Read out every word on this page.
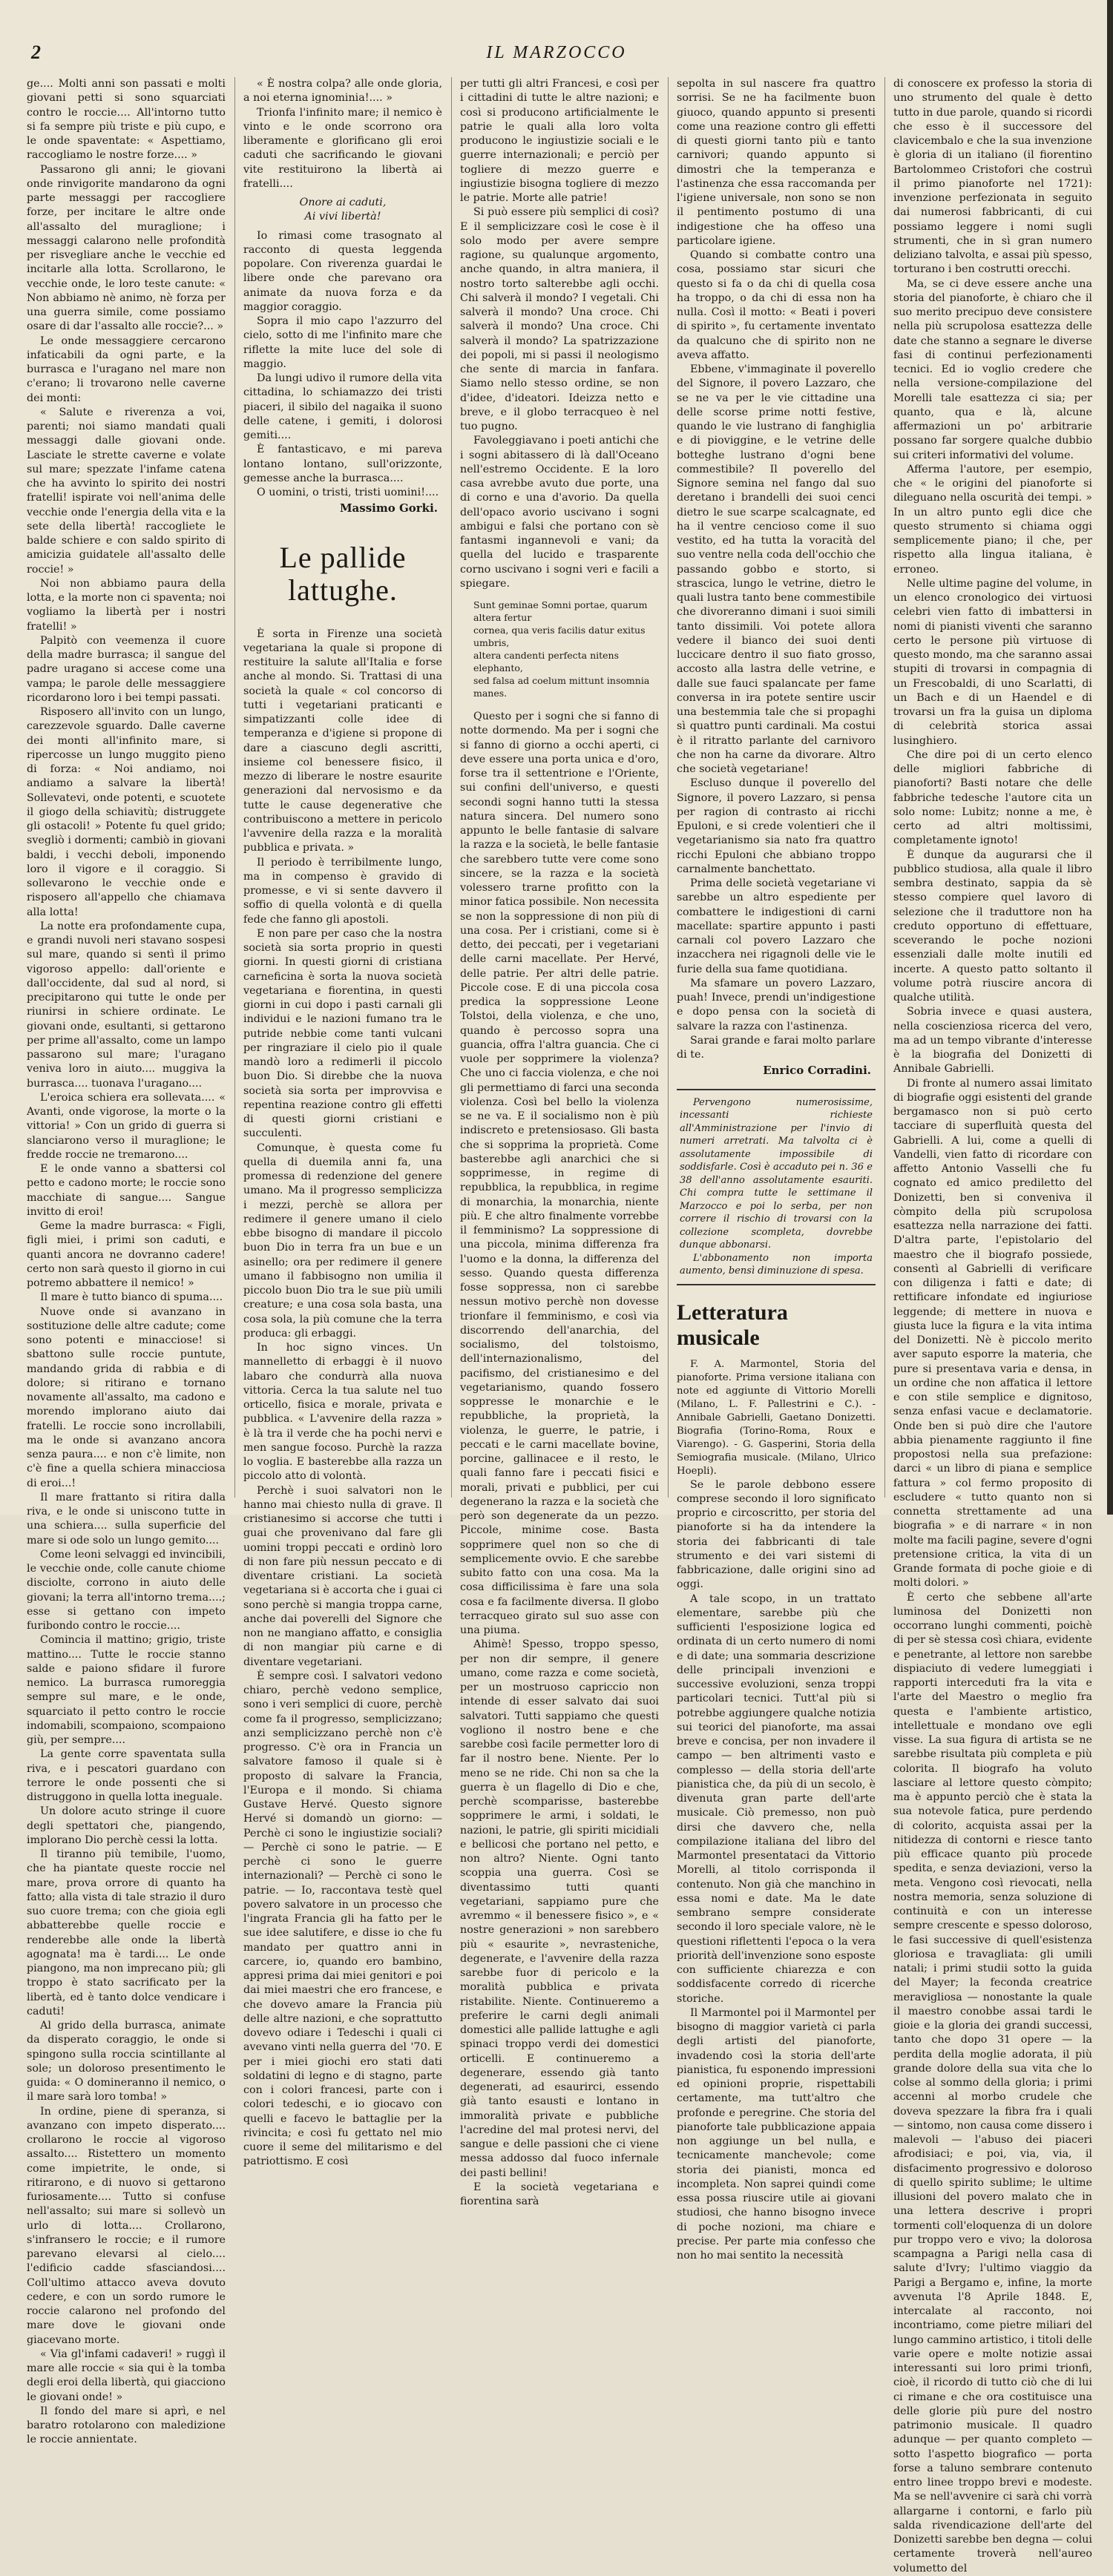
2	IL MARZOCCO

ge.... Molti anni son passati e molti giovani petti si sono squarciati contro le roccie.... All'intorno tutto si fa sempre più triste e più cupo, e le onde spaventate: « Aspettiamo, raccogliamo le nostre forze.... »

Passarono gli anni; le giovani onde rinvigorite mandarono da ogni parte messaggi per raccogliere forze, per incitare le altre onde all'assalto del muraglione; i messaggi calarono nelle profondità per risvegliare anche le vecchie ed incitarle alla lotta. Scrollarono, le vecchie onde, le loro teste canute: « Non abbiamo nè animo, nè forza per una guerra simile, come possiamo osare di dar l'assalto alle roccie?... »

Le onde messaggiere cercarono infaticabili da ogni parte, e la burrasca e l'uragano nel mare non c'erano; li trovarono nelle caverne dei monti:

« Salute e riverenza a voi, parenti; noi siamo mandati quali messaggi dalle giovani onde. Lasciate le strette caverne e volate sul mare; spezzate l'infame catena che ha avvinto lo spirito dei nostri fratelli! ispirate voi nell'anima delle vecchie onde l'energia della vita e la sete della libertà! raccogliete le balde schiere e con saldo spirito di amicizia guidatele all'assalto delle roccie! »

Noi non abbiamo paura della lotta, e la morte non ci spaventa; noi vogliamo la libertà per i nostri fratelli! »

Palpitò con veemenza il cuore della madre burrasca; il sangue del padre uragano si accese come una vampa; le parole delle messaggiere ricordarono loro i bei tempi passati.

Risposero all'invito con un lungo, carezzevole sguardo. Dalle caverne dei monti all'infinito mare, si ripercosse un lungo muggito pieno di forza: « Noi andiamo, noi andiamo a salvare la libertà! Sollevatevi, onde potenti, e scuotete il giogo della schiavitù; distruggete gli ostacoli! » Potente fu quel grido; svegliò i dormenti; cambiò in giovani baldi, i vecchi deboli, imponendo loro il vigore e il coraggio. Si sollevarono le vecchie onde e risposero all'appello che chiamava alla lotta!

La notte era profondamente cupa, e grandi nuvoli neri stavano sospesi sul mare, quando si sentì il primo vigoroso appello: dall'oriente e dall'occidente, dal sud al nord, si precipitarono qui tutte le onde per riunirsi in schiere ordinate. Le giovani onde, esultanti, si gettarono per prime all'assalto, come un lampo passarono sul mare; l'uragano veniva loro in aiuto.... muggiva la burrasca.... tuonava l'uragano....

L'eroica schiera era sollevata.... « Avanti, onde vigorose, la morte o la vittoria! » Con un grido di guerra si slanciarono verso il muraglione; le fredde roccie ne tremarono....

E le onde vanno a sbattersi col petto e cadono morte; le roccie sono macchiate di sangue.... Sangue invitto di eroi!

Geme la madre burrasca: « Figli, figli miei, i primi son caduti, e quanti ancora ne dovranno cadere! certo non sarà questo il giorno in cui potremo abbattere il nemico! »

Il mare è tutto bianco di spuma....

Nuove onde si avanzano in sostituzione delle altre cadute; come sono potenti e minacciose! si sbattono sulle roccie puntute, mandando grida di rabbia e di dolore; si ritirano e tornano novamente all'assalto, ma cadono e morendo implorano aiuto dai fratelli. Le roccie sono incrollabili, ma le onde si avanzano ancora senza paura.... e non c'è limite, non c'è fine a quella schiera minacciosa di eroi...!

Il mare frattanto si ritira dalla riva, e le onde si uniscono tutte in una schiera.... sulla superficie del mare si ode solo un lungo gemito....

Come leoni selvaggi ed invincibili, le vecchie onde, colle canute chiome disciolte, corrono in aiuto delle giovani; la terra all'intorno trema....; esse si gettano con impeto furibondo contro le roccie....

Comincia il mattino; grigio, triste mattino.... Tutte le roccie stanno salde e paiono sfidare il furore nemico. La burrasca rumoreggia sempre sul mare, e le onde, squarciato il petto contro le roccie indomabili, scompaiono, scompaiono giù, per sempre....

La gente corre spaventata sulla riva, e i pescatori guardano con terrore le onde possenti che si distruggono in quella lotta ineguale.

Un dolore acuto stringe il cuore degli spettatori che, piangendo, implorano Dio perchè cessi la lotta.

Il tiranno più temibile, l'uomo, che ha piantate queste roccie nel mare, prova orrore di quanto ha fatto; alla vista di tale strazio il duro suo cuore trema; con che gioia egli abbatterebbe quelle roccie e renderebbe alle onde la libertà agognata! ma è tardi.... Le onde piangono, ma non imprecano più; gli troppo è stato sacrificato per la libertà, ed è tanto dolce vendicare i caduti!

Al grido della burrasca, animate da disperato coraggio, le onde si spingono sulla roccia scintillante al sole; un doloroso presentimento le guida: « O domineranno il nemico, o il mare sarà loro tomba! »

In ordine, piene di speranza, si avanzano con impeto disperato.... crollarono le roccie al vigoroso assalto.... Ristettero un momento come impietrite, le onde, si ritirarono, e di nuovo si gettarono furiosamente.... Tutto si confuse nell'assalto; sui mare si sollevò un urlo di lotta.... Crollarono, s'infransero le roccie; e il rumore parevano elevarsi al cielo.... l'edificio cadde sfasciandosi.... Coll'ultimo attacco aveva dovuto cedere, e con un sordo rumore le roccie calarono nel profondo del mare dove le giovani onde giacevano morte.

« Via gl'infami cadaveri! » ruggì il mare alle roccie « sia qui è la tomba degli eroi della libertà, qui giacciono le giovani onde! »

Il fondo del mare si aprì, e nel baratro rotolarono con maledizione le roccie annientate.

« È nostra colpa? alle onde gloria, a noi eterna ignominia!.... »

Trionfa l'infinito mare; il nemico è vinto e le onde scorrono ora liberamente e glorificano gli eroi caduti che sacrificando le giovani vite restituirono la libertà ai fratelli....

Onore ai caduti,
Ai vivi libertà!

Io rimasi come trasognato al racconto di questa leggenda popolare. Con riverenza guardai le libere onde che parevano ora animate da nuova forza e da maggior coraggio.

Sopra il mio capo l'azzurro del cielo, sotto di me l'infinito mare che riflette la mite luce del sole di maggio.

Da lungi udivo il rumore della vita cittadina, lo schiamazzo dei tristi piaceri, il sibilo del nagaika il suono delle catene, i gemiti, i dolorosi gemiti....

È fantasticavo, e mi pareva lontano lontano, sull'orizzonte, gemesse anche la burrasca....

O uomini, o tristi, tristi uomini!....

Massimo Gorki.
Le pallide
lattughe.

È sorta in Firenze una società vegetariana la quale si propone di restituire la salute all'Italia e forse anche al mondo. Si. Trattasi di una società la quale « col concorso di tutti i vegetariani praticanti e simpatizzanti colle idee di temperanza e d'igiene si propone di dare a ciascuno degli ascritti, insieme col benessere fisico, il mezzo di liberare le nostre esaurite generazioni dal nervosismo e da tutte le cause degenerative che contribuiscono a mettere in pericolo l'avvenire della razza e la moralità pubblica e privata. »

Il periodo è terribilmente lungo, ma in compenso è gravido di promesse, e vi si sente davvero il soffio di quella volontà e di quella fede che fanno gli apostoli.

E non pare per caso che la nostra società sia sorta proprio in questi giorni. In questi giorni di cristiana carneficina è sorta la nuova società vegetariana e fiorentina, in questi giorni in cui dopo i pasti carnali gli individui e le nazioni fumano tra le putride nebbie come tanti vulcani per ringraziare il cielo pio il quale mandò loro a redimerli il piccolo buon Dio. Si direbbe che la nuova società sia sorta per improvvisa e repentina reazione contro gli effetti di questi giorni cristiani e succulenti.

Comunque, è questa come fu quella di duemila anni fa, una promessa di redenzione del genere umano. Ma il progresso semplicizza i mezzi, perchè se allora per redimere il genere umano il cielo ebbe bisogno di mandare il piccolo buon Dio in terra fra un bue e un asinello; ora per redimere il genere umano il fabbisogno non umilia il piccolo buon Dio tra le sue più umili creature; e una cosa sola basta, una cosa sola, la più comune che la terra produca: gli erbaggi.

In hoc signo vinces. Un mannelletto di erbaggi è il nuovo labaro che condurrà alla nuova vittoria. Cerca la tua salute nel tuo orticello, fisica e morale, privata e pubblica. « L'avvenire della razza » è là tra il verde che ha pochi nervi e men sangue focoso. Purchè la razza lo voglia. E basterebbe alla razza un piccolo atto di volontà.

Perchè i suoi salvatori non le hanno mai chiesto nulla di grave. Il cristianesimo si accorse che tutti i guai che provenivano dal fare gli uomini troppi peccati e ordinò loro di non fare più nessun peccato e di diventare cristiani. La società vegetariana si è accorta che i guai ci sono perchè si mangia troppa carne, anche dai poverelli del Signore che non ne mangiano affatto, e consiglia di non mangiar più carne e di diventare vegetariani.

È sempre così. I salvatori vedono chiaro, perchè vedono semplice, sono i veri semplici di cuore, perchè come fa il progresso, semplicizzano; anzi semplicizzano perchè non c'è progresso. C'è ora in Francia un salvatore famoso il quale si è proposto di salvare la Francia, l'Europa e il mondo. Si chiama Gustave Hervé. Questo signore Hervé si domandò un giorno: — Perchè ci sono le ingiustizie sociali? — Perchè ci sono le patrie. — E perchè ci sono le guerre internazionali? — Perchè ci sono le patrie. — Io, raccontava testè quel povero salvatore in un processo che l'ingrata Francia gli ha fatto per le sue idee salutifere, e disse io che fu mandato per quattro anni in carcere, io, quando ero bambino, appresi prima dai miei genitori e poi dai miei maestri che ero francese, e che dovevo amare la Francia più delle altre nazioni, e che soprattutto dovevo odiare i Tedeschi i quali ci avevano vinti nella guerra del '70. E per i miei giochi ero stati dati soldatini di legno e di stagno, parte con i colori francesi, parte con i colori tedeschi, e io giocavo con quelli e facevo le battaglie per la rivincita; e così fu gettato nel mio cuore il seme del militarismo e del patriottismo. E così

per tutti gli altri Francesi, e così per i cittadini di tutte le altre nazioni; e così si producono artificialmente le patrie le quali alla loro volta producono le ingiustizie sociali e le guerre internazionali; e perciò per togliere di mezzo guerre e ingiustizie bisogna togliere di mezzo le patrie. Morte alle patrie!

Si può essere più semplici di così? E il semplicizzare così le cose è il solo modo per avere sempre ragione, su qualunque argomento, anche quando, in altra maniera, il nostro torto salterebbe agli occhi. Chi salverà il mondo? I vegetali. Chi salverà il mondo? Una croce. Chi salverà il mondo? Una croce. Chi salverà il mondo? La spatrizzazione dei popoli, mi si passi il neologismo che sente di marcia in fanfara. Siamo nello stesso ordine, se non d'idee, d'ideatori. Ideizza netto e breve, e il globo terracqueo è nel tuo pugno.

Favoleggiavano i poeti antichi che i sogni abitassero di là dall'Oceano nell'estremo Occidente. E la loro casa avrebbe avuto due porte, una di corno e una d'avorio. Da quella dell'opaco avorio uscivano i sogni ambigui e falsi che portano con sè fantasmi ingannevoli e vani; da quella del lucido e trasparente corno uscivano i sogni veri e facili a spiegare.

Sunt geminae Somni portae, quarum altera fertur
cornea, qua veris facilis datur exitus umbris,
altera candenti perfecta nitens elephanto,
sed falsa ad coelum mittunt insomnia manes.

Questo per i sogni che si fanno di notte dormendo. Ma per i sogni che si fanno di giorno a occhi aperti, ci deve essere una porta unica e d'oro, forse tra il settentrione e l'Oriente, sui confini dell'universo, e questi secondi sogni hanno tutti la stessa natura sincera. Del numero sono appunto le belle fantasie di salvare la razza e la società, le belle fantasie che sarebbero tutte vere come sono sincere, se la razza e la società volessero trarne profitto con la minor fatica possibile. Non necessita se non la soppressione di non più di una cosa. Per i cristiani, come si è detto, dei peccati, per i vegetariani delle carni macellate. Per Hervé, delle patrie. Per altri delle patrie. Piccole cose. E di una piccola cosa predica la soppressione Leone Tolstoi, della violenza, e che uno, quando è percosso sopra una guancia, offra l'altra guancia. Che ci vuole per sopprimere la violenza? Che uno ci faccia violenza, e che noi gli permettiamo di farci una seconda violenza. Così bel bello la violenza se ne va. E il socialismo non è più indiscreto e pretensiosaso. Gli basta che si sopprima la proprietà. Come basterebbe agli anarchici che si sopprimesse, in regime di repubblica, la repubblica, in regime di monarchia, la monarchia, niente più. E che altro finalmente vorrebbe il femminismo? La soppressione di una piccola, minima differenza fra l'uomo e la donna, la differenza del sesso. Quando questa differenza fosse soppressa, non ci sarebbe nessun motivo perchè non dovesse trionfare il femminismo, e così via discorrendo dell'anarchia, del socialismo, del tolstoismo, dell'internazionalismo, del pacifismo, del cristianesimo e del vegetarianismo, quando fossero soppresse le monarchie e le repubbliche, la proprietà, la violenza, le guerre, le patrie, i peccati e le carni macellate bovine, porcine, gallinacee e il resto, le quali fanno fare i peccati fisici e morali, privati e pubblici, per cui degenerano la razza e la società che però son degenerate da un pezzo. Piccole, minime cose. Basta sopprimere quel non so che di semplicemente ovvio. E che sarebbe subito fatto con una cosa. Ma la cosa difficilissima è fare una sola cosa e fa facilmente diversa. Il globo terracqueo girato sul suo asse con una piuma.

Ahimè! Spesso, troppo spesso, per non dir sempre, il genere umano, come razza e come società, per un mostruoso capriccio non intende di esser salvato dai suoi salvatori. Tutti sappiamo che questi vogliono il nostro bene e che sarebbe così facile permetter loro di far il nostro bene. Niente. Per lo meno se ne ride. Chi non sa che la guerra è un flagello di Dio e che, perchè scomparisse, basterebbe sopprimere le armi, i soldati, le nazioni, le patrie, gli spiriti micidiali e bellicosi che portano nel petto, e non altro? Niente. Ogni tanto scoppia una guerra. Così se diventassimo tutti quanti vegetariani, sappiamo pure che avremmo « il benessere fisico », e « nostre generazioni » non sarebbero più « esaurite », nevrasteniche, degenerate, e l'avvenire della razza sarebbe fuor di pericolo e la moralità pubblica e privata ristabilite. Niente. Continueremo a preferire le carni degli animali domestici alle pallide lattughe e agli spinaci troppo verdi dei domestici orticelli. E continueremo a degenerare, essendo già tanto degenerati, ad esaurirci, essendo già tanto esausti e lontano in immoralità private e pubbliche l'acredine del mal protesi nervi, del sangue e delle passioni che ci viene messa addosso dal fuoco infernale dei pasti bellini!

E la società vegetariana e fiorentina sarà

sepolta in sul nascere fra quattro sorrisi. Se ne ha facilmente buon giuoco, quando appunto si presenti come una reazione contro gli effetti di questi giorni tanto più e tanto carnivori; quando appunto si dimostri che la temperanza e l'astinenza che essa raccomanda per l'igiene universale, non sono se non il pentimento postumo di una indigestione che ha offeso una particolare igiene.

Quando si combatte contro una cosa, possiamo star sicuri che questo si fa o da chi di quella cosa ha troppo, o da chi di essa non ha nulla. Così il motto: « Beati i poveri di spirito », fu certamente inventato da qualcuno che di spirito non ne aveva affatto.

Ebbene, v'immaginate il poverello del Signore, il povero Lazzaro, che se ne va per le vie cittadine una delle scorse prime notti festive, quando le vie lustrano di fanghiglia e di pioviggine, e le vetrine delle botteghe lustrano d'ogni bene commestibile? Il poverello del Signore semina nel fango dal suo deretano i brandelli dei suoi cenci dietro le sue scarpe scalcagnate, ed ha il ventre cencioso come il suo vestito, ed ha tutta la voracità del suo ventre nella coda dell'occhio che passando gobbo e storto, si strascica, lungo le vetrine, dietro le quali lustra tanto bene commestibile che divoreranno dimani i suoi simili tanto dissimili. Voi potete allora vedere il bianco dei suoi denti luccicare dentro il suo fiato grosso, accosto alla lastra delle vetrine, e dalle sue fauci spalancate per fame conversa in ira potete sentire uscir una bestemmia tale che si propaghi sì quattro punti cardinali. Ma costui è il ritratto parlante del carnivoro che non ha carne da divorare. Altro che società vegetariane!

Escluso dunque il poverello del Signore, il povero Lazzaro, si pensa per ragion di contrasto ai ricchi Epuloni, e si crede volentieri che il vegetarianismo sia nato fra quattro ricchi Epuloni che abbiano troppo carnalmente banchettato.

Prima delle società vegetariane vi sarebbe un altro espediente per combattere le indigestioni di carni macellate: spartire appunto i pasti carnali col povero Lazzaro che inzacchera nei rigagnoli delle vie le furie della sua fame quotidiana.

Ma sfamare un povero Lazzaro, puah! Invece, prendi un'indigestione e dopo pensa con la società di salvare la razza con l'astinenza.

Sarai grande e farai molto parlare di te.

Enrico Corradini.

Pervengono numerosissime, incessanti richieste all'Amministrazione per l'invio di numeri arretrati. Ma talvolta ci è assolutamente impossibile di soddisfarle. Così è accaduto pei n. 36 e 38 dell'anno assolutamente esauriti. Chi compra tutte le settimane il Marzocco e poi lo serba, per non correre il rischio di trovarsi con la collezione scompleta, dovrebbe dunque abbonarsi.

L'abbonamento non importa aumento, bensì diminuzione di spesa.

Letteratura musicale

F. A. Marmontel, Storia del pianoforte. Prima versione italiana con note ed aggiunte di Vittorio Morelli (Milano, L. F. Pallestrini e C.). - Annibale Gabrielli, Gaetano Donizetti. Biografia (Torino-Roma, Roux e Viarengo). - G. Gasperini, Storia della Semiografia musicale. (Milano, Ulrico Hoepli).

Se le parole debbono essere comprese secondo il loro significato proprio e circoscritto, per storia del pianoforte si ha da intendere la storia dei fabbricanti di tale strumento e dei vari sistemi di fabbricazione, dalle origini sino ad oggi.

A tale scopo, in un trattato elementare, sarebbe più che sufficienti l'esposizione logica ed ordinata di un certo numero di nomi e di date; una sommaria descrizione delle principali invenzioni e successive evoluzioni, senza troppi particolari tecnici. Tutt'al più si potrebbe aggiungere qualche notizia sui teorici del pianoforte, ma assai breve e concisa, per non invadere il campo — ben altrimenti vasto e complesso — della storia dell'arte pianistica che, da più di un secolo, è divenuta gran parte dell'arte musicale. Ciò premesso, non può dirsi che davvero che, nella compilazione italiana del libro del Marmontel presentataci da Vittorio Morelli, al titolo corrisponda il contenuto. Non già che manchino in essa nomi e date. Ma le date sembrano sempre considerate secondo il loro speciale valore, nè le questioni riflettenti l'epoca o la vera priorità dell'invenzione sono esposte con sufficiente chiarezza e con soddisfacente corredo di ricerche storiche.

Il Marmontel poi il Marmontel per bisogno di maggior varietà ci parla degli artisti del pianoforte, invadendo così la storia dell'arte pianistica, fu esponendo impressioni ed opinioni proprie, rispettabili certamente, ma tutt'altro che profonde e peregrine. Che storia del pianoforte tale pubblicazione appaia non aggiunge un bel nulla, e tecnicamente manchevole; come storia dei pianisti, monca ed incompleta. Non saprei quindi come essa possa riuscire utile ai giovani studiosi, che hanno bisogno invece di poche nozioni, ma chiare e precise. Per parte mia confesso che non ho mai sentito la necessità

di conoscere ex professo la storia di uno strumento del quale è detto tutto in due parole, quando si ricordi che esso è il successore del clavicembalo e che la sua invenzione è gloria di un italiano (il fiorentino Bartolommeo Cristofori che costruì il primo pianoforte nel 1721): invenzione perfezionata in seguito dai numerosi fabbricanti, di cui possiamo leggere i nomi sugli strumenti, che in sì gran numero deliziano talvolta, e assai più spesso, torturano i ben costrutti orecchi.

Ma, se ci deve essere anche una storia del pianoforte, è chiaro che il suo merito precipuo deve consistere nella più scrupolosa esattezza delle date che stanno a segnare le diverse fasi di continui perfezionamenti tecnici. Ed io voglio credere che nella versione-compilazione del Morelli tale esattezza ci sia; per quanto, qua e là, alcune affermazioni un po' arbitrarie possano far sorgere qualche dubbio sui criteri informativi del volume.

Afferma l'autore, per esempio, che « le origini del pianoforte si dileguano nella oscurità dei tempi. » In un altro punto egli dice che questo strumento si chiama oggi semplicemente piano; il che, per rispetto alla lingua italiana, è erroneo.

Nelle ultime pagine del volume, in un elenco cronologico dei virtuosi celebri vien fatto di imbattersi in nomi di pianisti viventi che saranno certo le persone più virtuose di questo mondo, ma che saranno assai stupiti di trovarsi in compagnia di un Frescobaldi, di uno Scarlatti, di un Bach e di un Haendel e di trovarsi un fra la guisa un diploma di celebrità storica assai lusinghiero.

Che dire poi di un certo elenco delle migliori fabbriche di pianoforti? Basti notare che delle fabbriche tedesche l'autore cita un solo nome: Lubitz; nonne a me, è certo ad altri moltissimi, completamente ignoto!

È dunque da augurarsi che il pubblico studiosa, alla quale il libro sembra destinato, sappia da sè stesso compiere quel lavoro di selezione che il traduttore non ha creduto opportuno di effettuare, sceverando le poche nozioni essenziali dalle molte inutili ed incerte. A questo patto soltanto il volume potrà riuscire ancora di qualche utilità.

Sobria invece e quasi austera, nella coscienziosa ricerca del vero, ma ad un tempo vibrante d'interesse è la biografia del Donizetti di Annibale Gabrielli.

Di fronte al numero assai limitato di biografie oggi esistenti del grande bergamasco non si può certo tacciare di superfluità questa del Gabrielli. A lui, come a quelli di Vandelli, vien fatto di ricordare con affetto Antonio Vasselli che fu cognato ed amico prediletto del Donizetti, ben si conveniva il còmpito della più scrupolosa esattezza nella narrazione dei fatti. D'altra parte, l'epistolario del maestro che il biografo possiede, consentì al Gabrielli di verificare con diligenza i fatti e date; di rettificare infondate ed ingiuriose leggende; di mettere in nuova e giusta luce la figura e la vita intima del Donizetti. Nè è piccolo merito aver saputo esporre la materia, che pure si presentava varia e densa, in un ordine che non affatica il lettore e con stile semplice e dignitoso, senza enfasi vacue e declamatorie. Onde ben si può dire che l'autore abbia pienamente raggiunto il fine propostosi nella sua prefazione: darci « un libro di piana e semplice fattura » col fermo proposito di escludere « tutto quanto non si connetta strettamente ad una biografia » e di narrare « in non molte ma facili pagine, severe d'ogni pretensione critica, la vita di un Grande formata di poche gioie e di molti dolori. »

È certo che sebbene all'arte luminosa del Donizetti non occorrano lunghi commenti, poichè di per sè stessa così chiara, evidente e penetrante, al lettore non sarebbe dispiaciuto di vedere lumeggiati i rapporti interceduti fra la vita e l'arte del Maestro o meglio fra questa e l'ambiente artistico, intellettuale e mondano ove egli visse. La sua figura di artista se ne sarebbe risultata più completa e più colorita. Il biografo ha voluto lasciare al lettore questo còmpito; ma è appunto perciò che è stata la sua notevole fatica, pure perdendo di colorito, acquista assai per la nitidezza di contorni e riesce tanto più efficace quanto più procede spedita, e senza deviazioni, verso la meta. Vengono così rievocati, nella nostra memoria, senza soluzione di continuità e con un interesse sempre crescente e spesso doloroso, le fasi successive di quell'esistenza gloriosa e travagliata: gli umili natali; i primi studii sotto la guida del Mayer; la feconda creatrice meravigliosa — nonostante la quale il maestro conobbe assai tardi le gioie e la gloria dei grandi successi, tanto che dopo 31 opere — la perdita della moglie adorata, il più grande dolore della sua vita che lo colse al sommo della gloria; i primi accenni al morbo crudele che doveva spezzare la fibra fra i quali — sintomo, non causa come dissero i malevoli — l'abuso dei piaceri afrodisiaci; e poi, via, via, il disfacimento progressivo e doloroso di quello spirito sublime; le ultime illusioni del povero malato che in una lettera descrive i propri tormenti coll'eloquenza di un dolore pur troppo vero e vivo; la dolorosa scampagna a Parigi nella casa di salute d'Ivry; l'ultimo viaggio da Parigi a Bergamo e, infine, la morte avvenuta l'8 Aprile 1848. E, intercalate al racconto, noi incontriamo, come pietre miliari del lungo cammino artistico, i titoli delle varie opere e molte notizie assai interessanti sui loro primi trionfi, cioè, il ricordo di tutto ciò che di lui ci rimane e che ora costituisce una delle glorie più pure del nostro patrimonio musicale. Il quadro adunque — per quanto completo — sotto l'aspetto biografico — porta forse a taluno sembrare contenuto entro linee troppo brevi e modeste. Ma se nell'avvenire ci sarà chi vorrà allargarne i contorni, e farlo più salda rivendicazione dell'arte del Donizetti sarebbe ben degna — colui certamente troverà nell'aureo volumetto del
